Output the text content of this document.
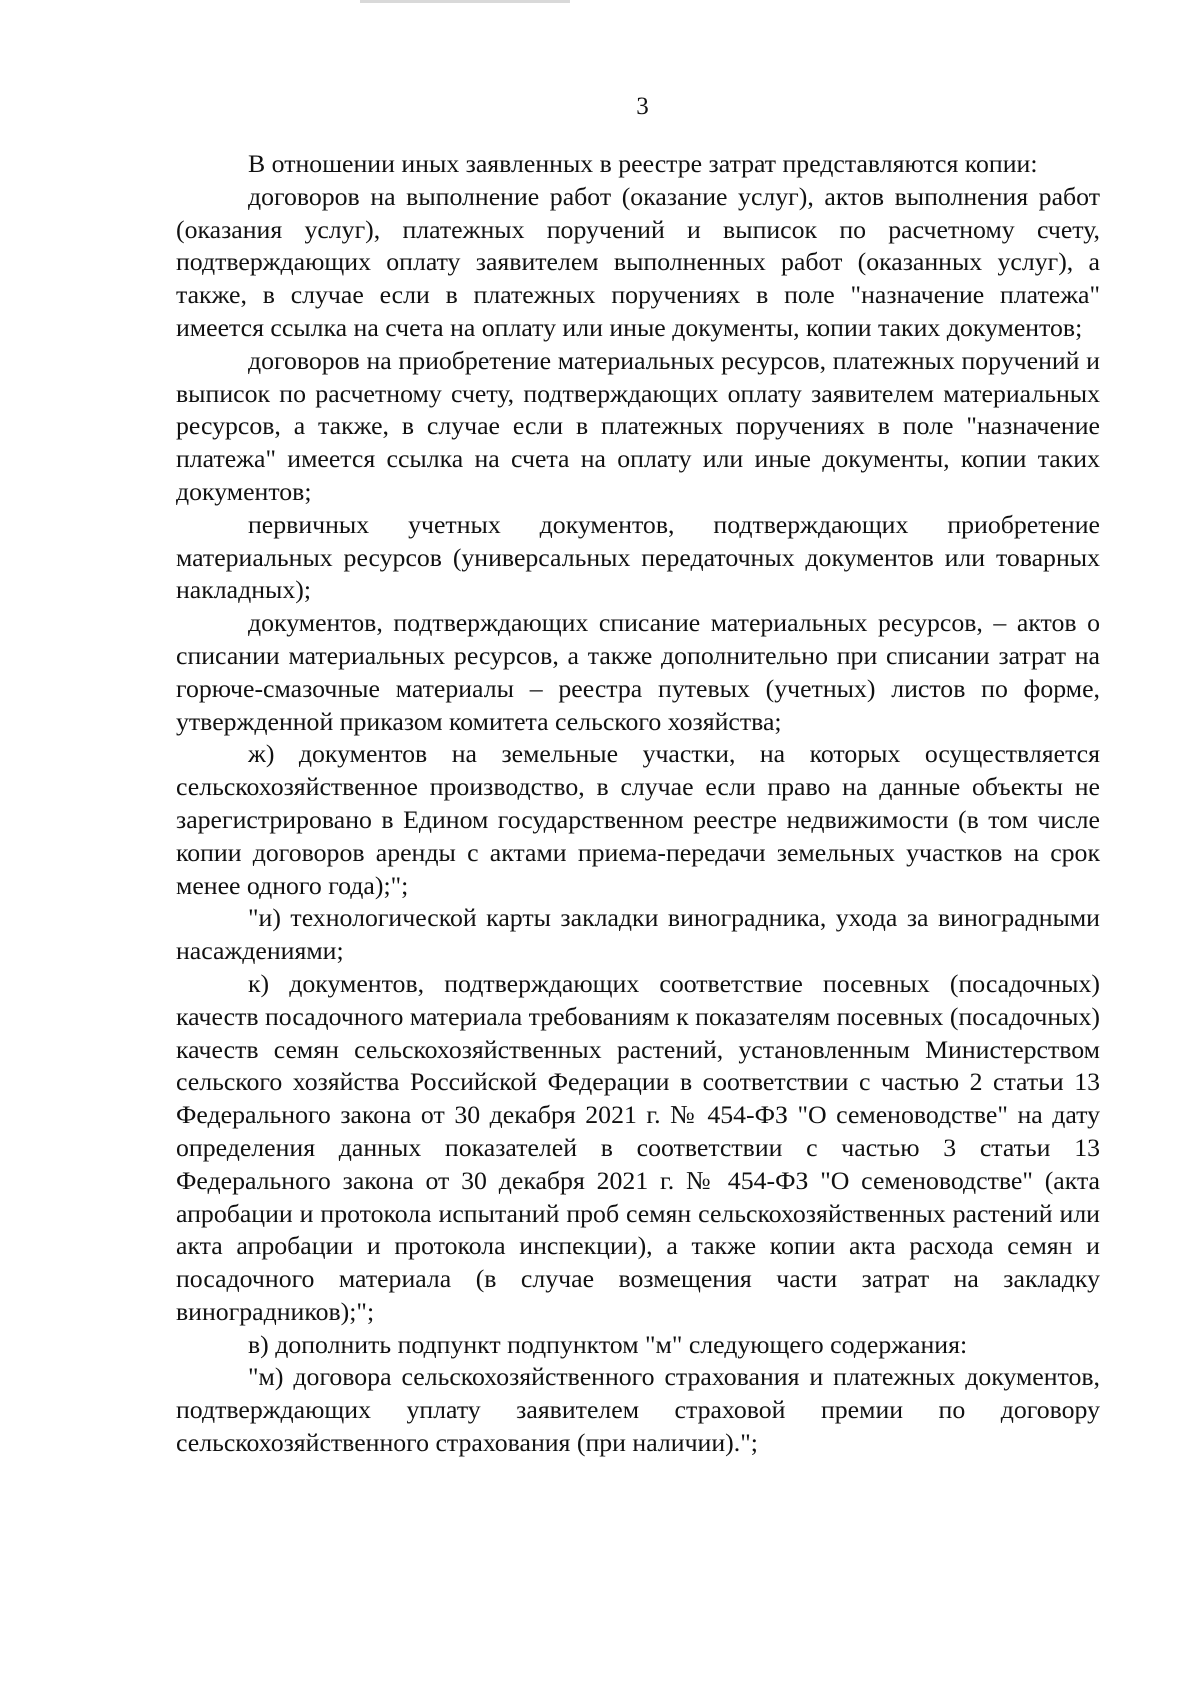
3

В отношении иных заявленных в реестре затрат представляются копии:

договоров на выполнение работ (оказание услуг), актов выполнения работ (оказания услуг), платежных поручений и выписок по расчетному счету, подтверждающих оплату заявителем выполненных работ (оказанных услуг), а также, в случае если в платежных поручениях в поле "назначение платежа" имеется ссылка на счета на оплату или иные документы, копии таких документов;

договоров на приобретение материальных ресурсов, платежных поручений и выписок по расчетному счету, подтверждающих оплату заявителем материальных ресурсов, а также, в случае если в платежных поручениях в поле "назначение платежа" имеется ссылка на счета на оплату или иные документы, копии таких документов;

первичных учетных документов, подтверждающих приобретение материальных ресурсов (универсальных передаточных документов или товарных накладных);

документов, подтверждающих списание материальных ресурсов, – актов о списании материальных ресурсов, а также дополнительно при списании затрат на горюче-смазочные материалы – реестра путевых (учетных) листов по форме, утвержденной приказом комитета сельского хозяйства;

ж) документов на земельные участки, на которых осуществляется сельскохозяйственное производство, в случае если право на данные объекты не зарегистрировано в Едином государственном реестре недвижимости (в том числе копии договоров аренды с актами приема-передачи земельных участков на срок менее одного года);";

"и) технологической карты закладки виноградника, ухода за виноградными насаждениями;

к) документов, подтверждающих соответствие посевных (посадочных) качеств посадочного материала требованиям к показателям посевных (посадочных) качеств семян сельскохозяйственных растений, установленным Министерством сельского хозяйства Российской Федерации в соответствии с частью 2 статьи 13 Федерального закона от 30 декабря 2021 г. № 454-ФЗ "О семеноводстве" на дату определения данных показателей в соответствии с частью 3 статьи 13 Федерального закона от 30 декабря 2021 г. № 454-ФЗ "О семеноводстве" (акта апробации и протокола испытаний проб семян сельскохозяйственных растений или акта апробации и протокола инспекции), а также копии акта расхода семян и посадочного материала (в случае возмещения части затрат на закладку виноградников);";

в) дополнить подпункт подпунктом "м" следующего содержания:

"м) договора сельскохозяйственного страхования и платежных документов, подтверждающих уплату заявителем страховой премии по договору сельскохозяйственного страхования (при наличии).";
